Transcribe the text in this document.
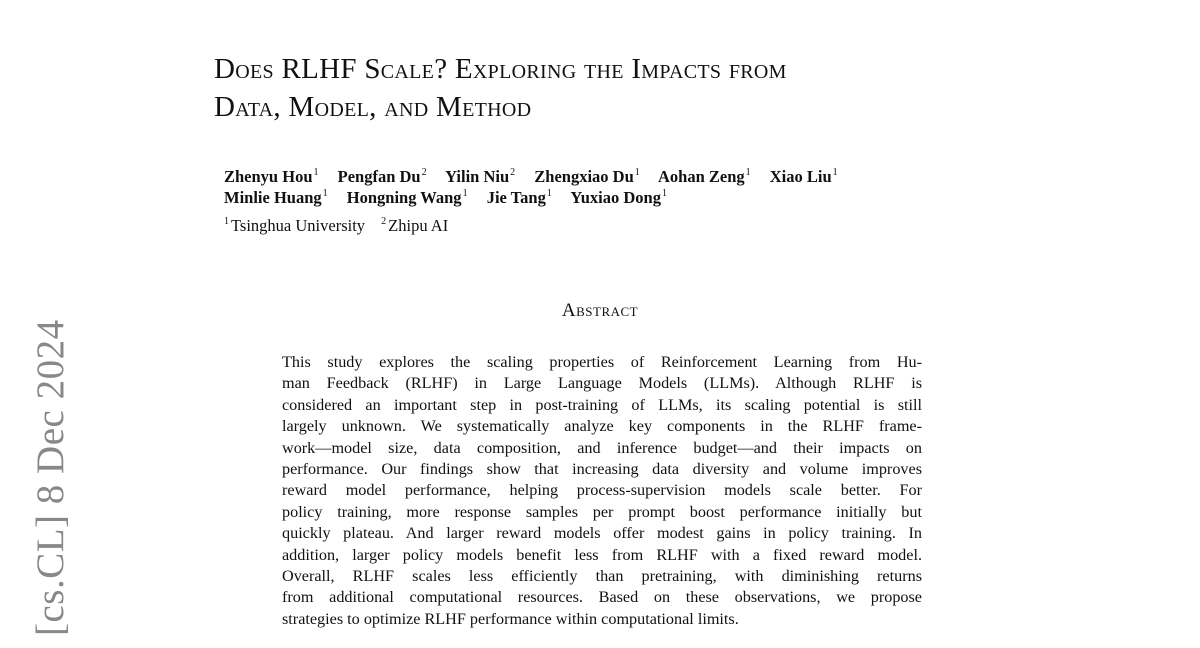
Does RLHF Scale? Exploring the Impacts from
Data, Model, and Method
Zhenyu Hou$^1$ Pengfan Du$^2$ Yilin Niu$^2$ Zhengxiao Du$^1$ Aohan Zeng$^1$ Xiao Liu$^1$
Minlie Huang$^1$ Hongning Wang$^1$ Jie Tang$^1$ Yuxiao Dong$^1$
$^1$ Tsinghua University $^2$ Zhipu AI
Abstract
This study explores the scaling properties of Reinforcement Learning from Hu-
man Feedback (RLHF) in Large Language Models (LLMs). Although RLHF is
considered an important step in post-training of LLMs, its scaling potential is still
largely unknown. We systematically analyze key components in the RLHF frame-
work—model size, data composition, and inference budget—and their impacts on
performance. Our findings show that increasing data diversity and volume improves
reward model performance, helping process-supervision models scale better. For
policy training, more response samples per prompt boost performance initially but
quickly plateau. And larger reward models offer modest gains in policy training. In
addition, larger policy models benefit less from RLHF with a fixed reward model.
Overall, RLHF scales less efficiently than pretraining, with diminishing returns
from additional computational resources. Based on these observations, we propose
strategies to optimize RLHF performance within computational limits.
[cs.CL] 8 Dec 2024
